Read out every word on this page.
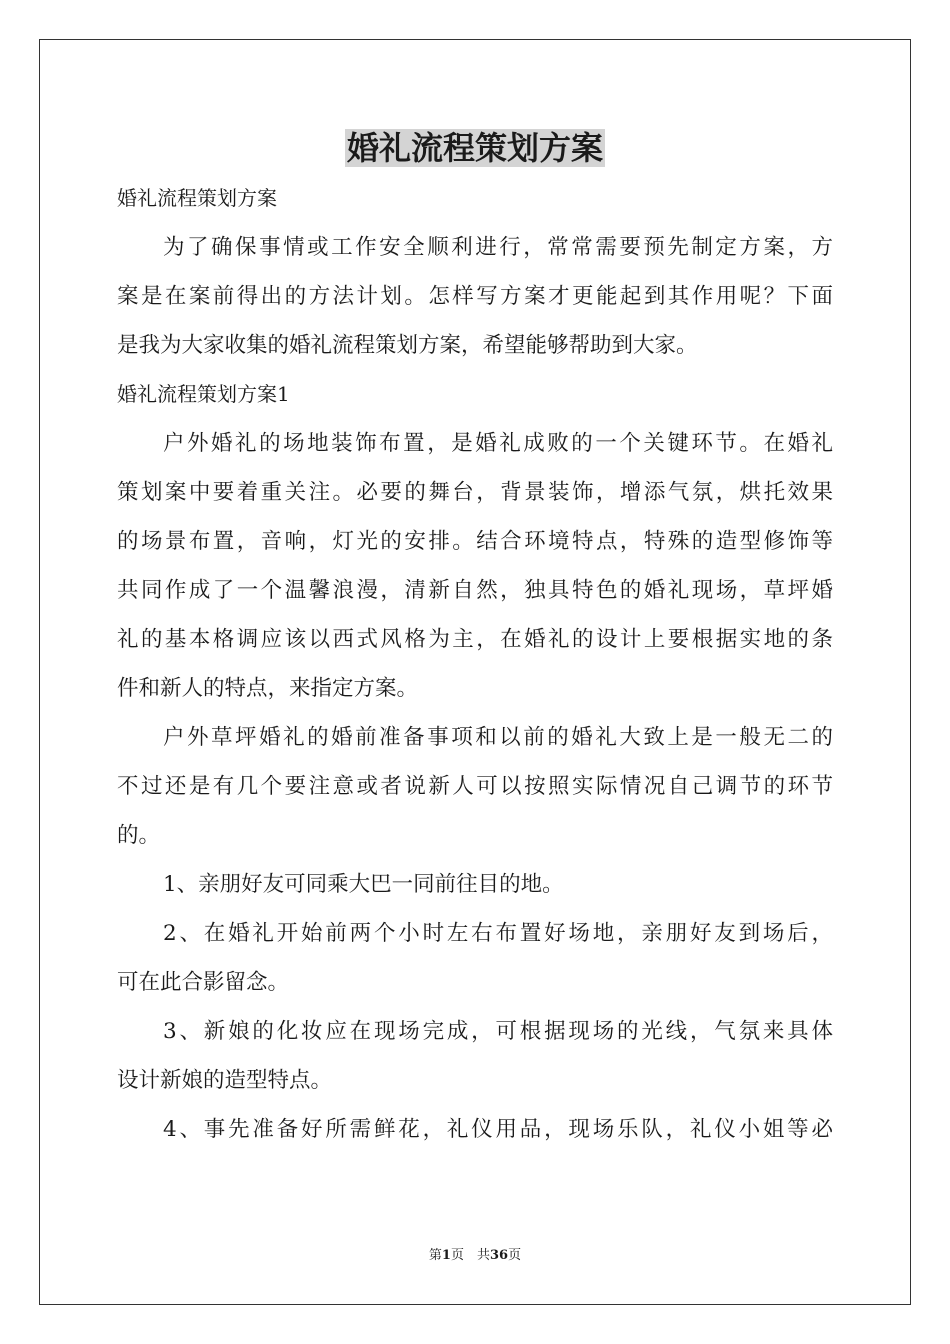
婚礼流程策划方案
婚礼流程策划方案
为了确保事情或工作安全顺利进行，常常需要预先制定方案，方
案是在案前得出的方法计划。怎样写方案才更能起到其作用呢？下面
是我为大家收集的婚礼流程策划方案，希望能够帮助到大家。
婚礼流程策划方案1
户外婚礼的场地装饰布置，是婚礼成败的一个关键环节。在婚礼
策划案中要着重关注。必要的舞台，背景装饰，增添气氛，烘托效果
的场景布置，音响，灯光的安排。结合环境特点，特殊的造型修饰等
共同作成了一个温馨浪漫，清新自然，独具特色的婚礼现场，草坪婚
礼的基本格调应该以西式风格为主，在婚礼的设计上要根据实地的条
件和新人的特点，来指定方案。
户外草坪婚礼的婚前准备事项和以前的婚礼大致上是一般无二的
不过还是有几个要注意或者说新人可以按照实际情况自己调节的环节
的。
1、亲朋好友可同乘大巴一同前往目的地。
2、在婚礼开始前两个小时左右布置好场地，亲朋好友到场后，
可在此合影留念。
3、新娘的化妆应在现场完成，可根据现场的光线，气氛来具体
设计新娘的造型特点。
4、事先准备好所需鲜花，礼仪用品，现场乐队，礼仪小姐等必
第1页　共36页
